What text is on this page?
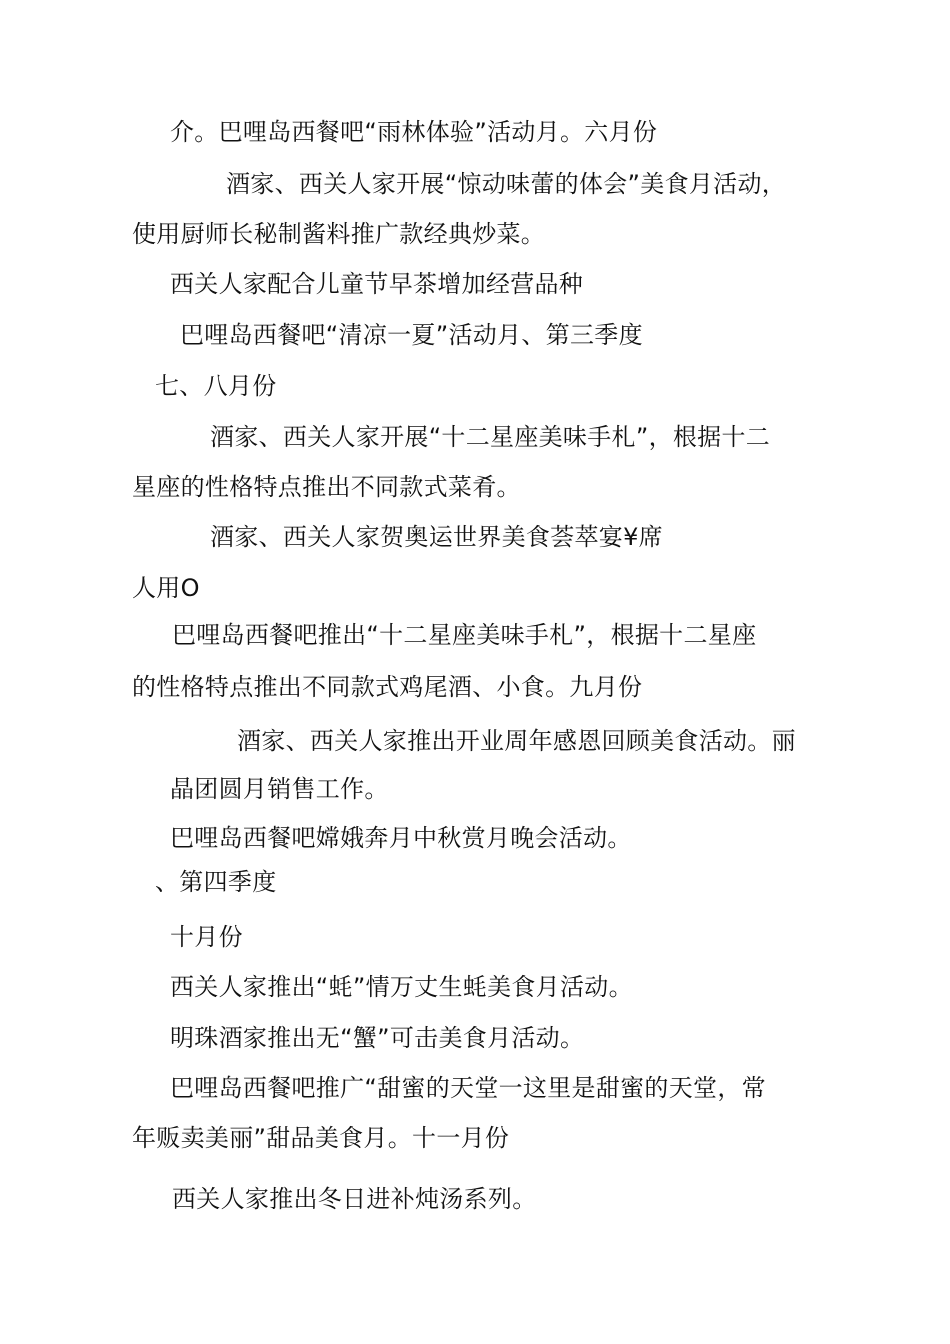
介。巴哩岛西餐吧“雨林体验”活动月。六月份
酒家、西关人家开展“惊动味蕾的体会”美食月活动，
使用厨师长秘制酱料推广款经典炒菜。
西关人家配合儿童节早茶增加经营品种
巴哩岛西餐吧“清凉一夏”活动月、第三季度
七、八月份
酒家、西关人家开展“十二星座美味手札”，根据十二
星座的性格特点推出不同款式菜肴。
酒家、西关人家贺奥运世界美食荟萃宴¥席
人用O
巴哩岛西餐吧推出“十二星座美味手札”，根据十二星座
的性格特点推出不同款式鸡尾酒、小食。九月份
酒家、西关人家推出开业周年感恩回顾美食活动。丽
晶团圆月销售工作。
巴哩岛西餐吧嫦娥奔月中秋赏月晚会活动。
、第四季度
十月份
西关人家推出“蚝”情万丈生蚝美食月活动。
明珠酒家推出无“蟹”可击美食月活动。
巴哩岛西餐吧推广“甜蜜的天堂一这里是甜蜜的天堂，常
年贩卖美丽”甜品美食月。十一月份
西关人家推出冬日进补炖汤系列。
